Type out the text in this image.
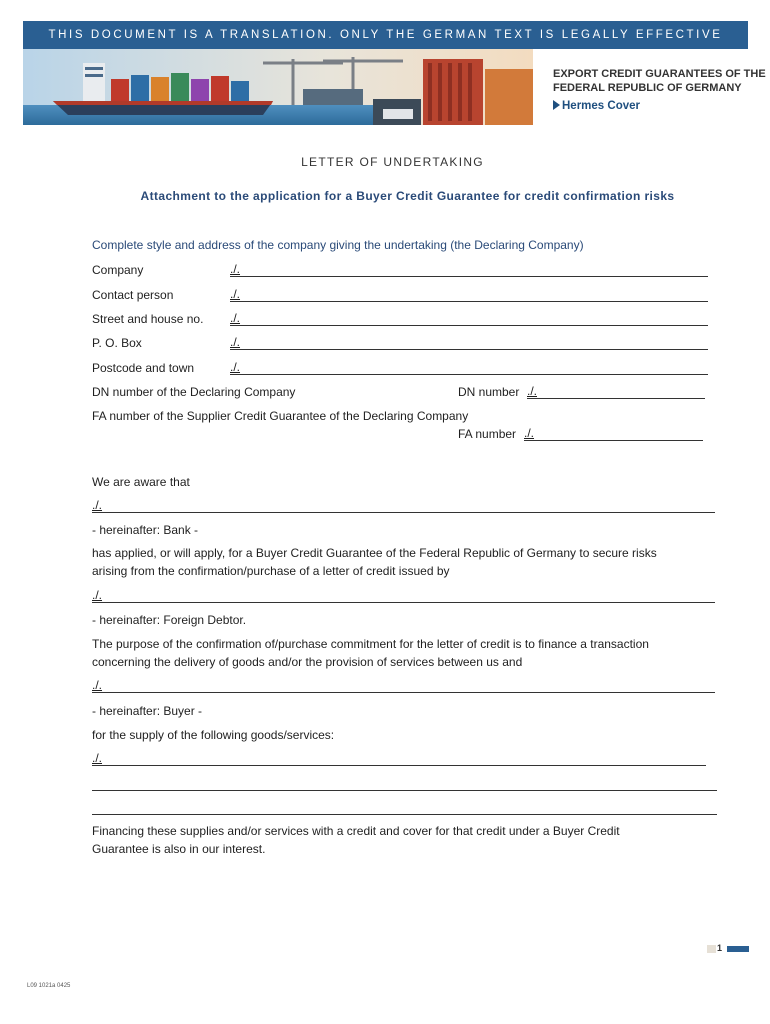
THIS DOCUMENT IS A TRANSLATION. ONLY THE GERMAN TEXT IS LEGALLY EFFECTIVE
EXPORT CREDIT GUARANTEES OF THE
FEDERAL REPUBLIC OF GERMANY
Hermes Cover
LETTER OF UNDERTAKING
Attachment to the application for a Buyer Credit Guarantee for credit confirmation risks
Complete style and address of the company giving the undertaking (the Declaring Company)
Company	./.
Contact person	./.
Street and house no. ./.
P. O. Box	./.
Postcode and town	./.
DN number of the Declaring Company	DN number ./.
FA number of the Supplier Credit Guarantee of the Declaring Company
FA number ./.
We are aware that
./.
- hereinafter: Bank -
has applied, or will apply, for a Buyer Credit Guarantee of the Federal Republic of Germany to secure risks
arising from the confirmation/purchase of a letter of credit issued by
./.
- hereinafter: Foreign Debtor.
The purpose of the confirmation of/purchase commitment for the letter of credit is to finance a transaction
concerning the delivery of goods and/or the provision of services between us and
./.
- hereinafter: Buyer -
for the supply of the following goods/services:
./.
Financing these supplies and/or services with a credit and cover for that credit under a Buyer Credit
Guarantee is also in our interest.
1
L09 1021a 0425
